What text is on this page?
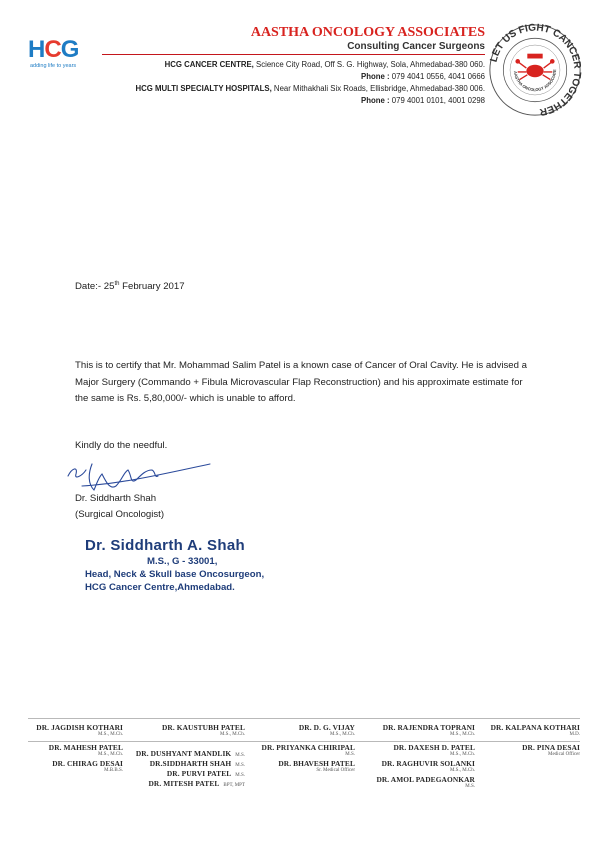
HCG
adding life to years
AASTHA ONCOLOGY ASSOCIATES
Consulting Cancer Surgeons
HCG CANCER CENTRE, Science City Road, Off S. G. Highway, Sola, Ahmedabad-380 060.
Phone : 079 4041 0556, 4041 0666
HCG MULTI SPECIALTY HOSPITALS, Near Mithakhali Six Roads, Ellisbridge, Ahmedabad-380 006.
Phone : 079 4001 0101, 4001 0298
LET US FIGHT CANCER TOGETHER
AASTHA ONCOLOGY ASSOCIATE
Date:- 25th February 2017
This is to certify that Mr. Mohammad Salim Patel is a known case of Cancer of Oral Cavity. He is advised a Major Surgery (Commando + Fibula Microvascular Flap Reconstruction) and his approximate estimate for the same is Rs. 5,80,000/- which is unable to afford.
Kindly do the needful.
Dr. Siddharth Shah
(Surgical Oncologist)
Dr. Siddharth A. Shah
M.S., G - 33001,
Head, Neck & Skull base Oncosurgeon,
HCG Cancer Centre,Ahmedabad.
DR. JAGDISH KOTHARI
M.S., M.Ch.
DR. KAUSTUBH PATEL
M.S., M.Ch.
DR. D. G. VIJAY
M.S., M.Ch.
DR. RAJENDRA TOPRANI
M.S., M.Ch.
DR. KALPANA KOTHARI
M.D.
DR. MAHESH PATEL
M.S., M.Ch.
DR. CHIRAG DESAI
M.B.B.S.
DR. DUSHYANT MANDLIK M.S.
DR.SIDDHARTH SHAH M.S.
DR. PURVI PATEL M.S.
DR. MITESH PATEL BPT, MPT
DR. PRIYANKA CHIRIPAL
M.S.
DR. BHAVESH PATEL
Sr. Medical Officer
DR. DAXESH D. PATEL
M.S., M.Ch.
DR. RAGHUVIR SOLANKI
M.S., M.Ch.
DR. AMOL PADEGAONKAR
M.S.
DR. PINA DESAI
Medical Officer
